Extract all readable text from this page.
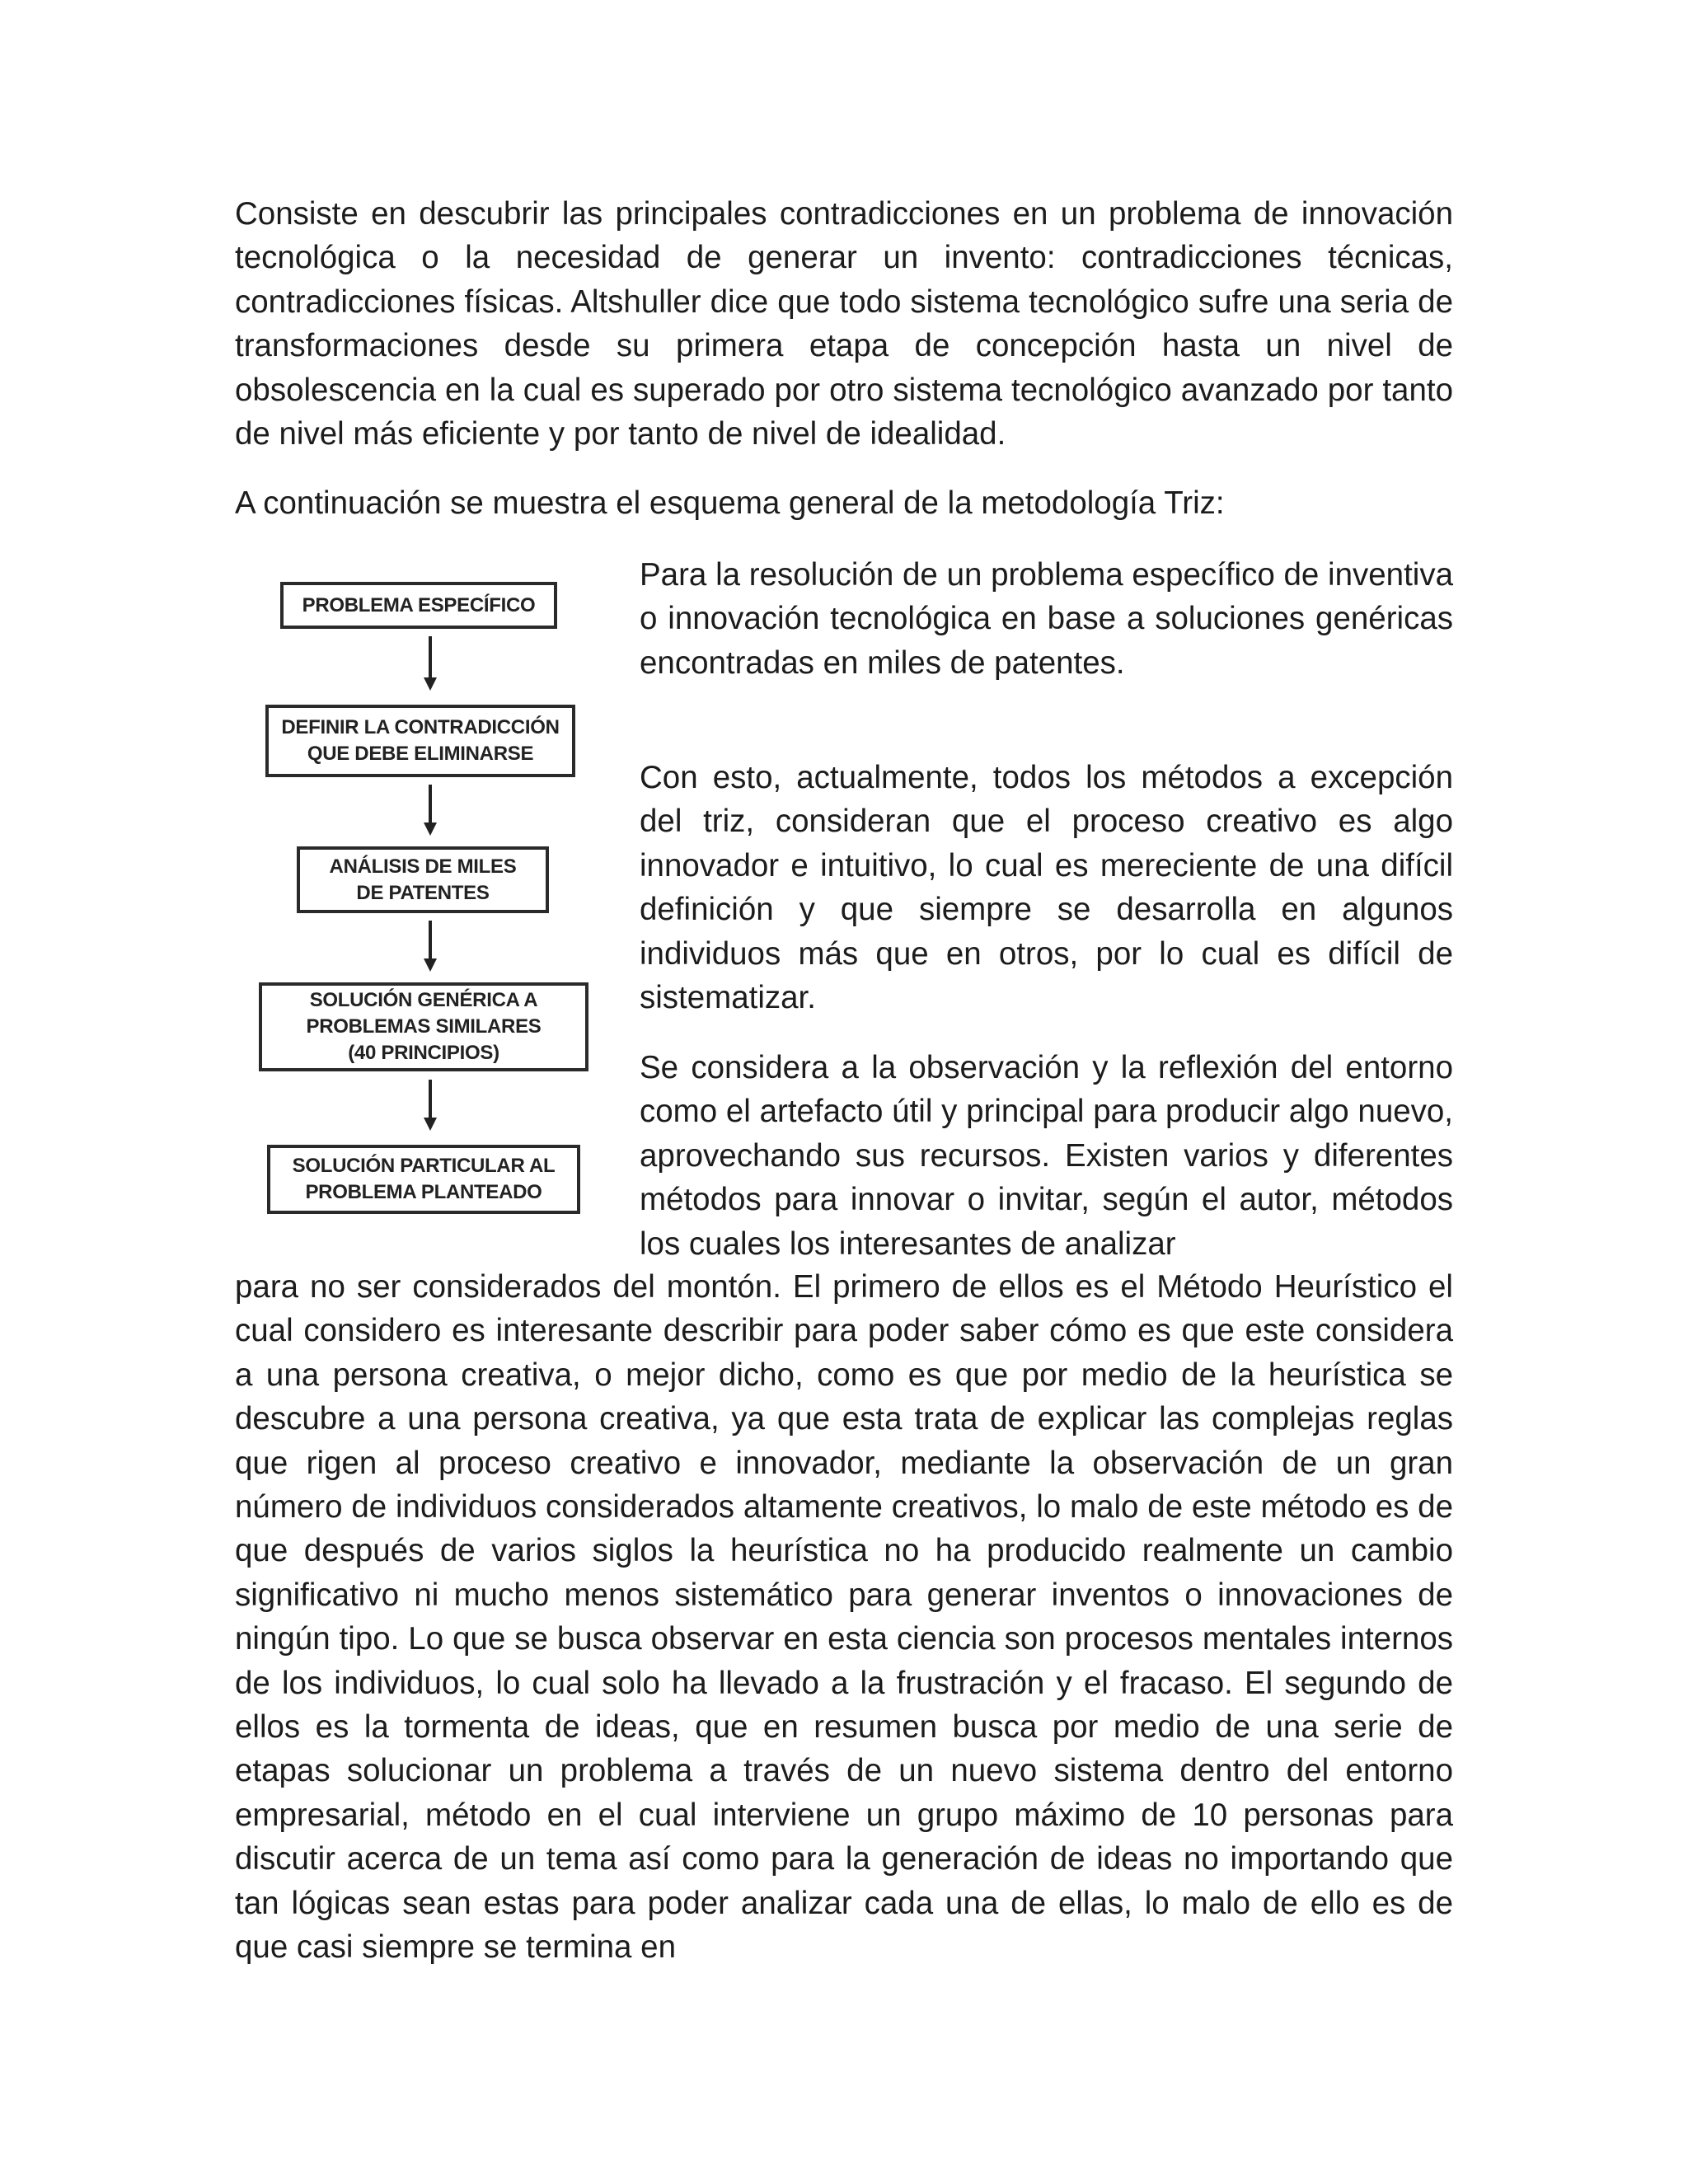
Consiste en descubrir las principales contradicciones en un problema de innovación tecnológica o la necesidad de generar un invento: contradicciones técnicas, contradicciones físicas. Altshuller dice que todo sistema tecnológico sufre una seria de transformaciones desde su primera etapa de concepción hasta un nivel de obsolescencia en la cual es superado por otro sistema tecnológico avanzado por tanto de nivel más eficiente y por tanto de nivel de idealidad.

A continuación se muestra el esquema general de la metodología Triz:

PROBLEMA ESPECÍFICO
DEFINIR LA CONTRADICCIÓN
QUE DEBE ELIMINARSE
ANÁLISIS DE MILES
DE PATENTES
SOLUCIÓN GENÉRICA A
PROBLEMAS SIMILARES
(40 PRINCIPIOS)
SOLUCIÓN PARTICULAR AL
PROBLEMA PLANTEADO

Para la resolución de un problema específico de inventiva o innovación tecnológica en base a soluciones genéricas encontradas en miles de patentes.

Con esto, actualmente, todos los métodos a excepción del triz, consideran que el proceso creativo es algo innovador e intuitivo, lo cual es mereciente de una difícil definición y que siempre se desarrolla en algunos individuos más que en otros, por lo cual es difícil de sistematizar.

Se considera a la observación y la reflexión del entorno como el artefacto útil y principal para producir algo nuevo, aprovechando sus recursos. Existen varios y diferentes métodos para innovar o invitar, según el autor, métodos los cuales los interesantes de analizar

para no ser considerados del montón. El primero de ellos es el Método Heurístico el cual considero es interesante describir para poder saber cómo es que este considera a una persona creativa, o mejor dicho, como es que por medio de la heurística se descubre a una persona creativa, ya que esta trata de explicar las complejas reglas que rigen al proceso creativo e innovador, mediante la observación de un gran número de individuos considerados altamente creativos, lo malo de este método es de que después de varios siglos la heurística no ha producido realmente un cambio significativo ni mucho menos sistemático para generar inventos o innovaciones de ningún tipo. Lo que se busca observar en esta ciencia son procesos mentales internos de los individuos, lo cual solo ha llevado a la frustración y el fracaso. El segundo de ellos es la tormenta de ideas, que en resumen busca por medio de una serie de etapas solucionar un problema a través de un nuevo sistema dentro del entorno empresarial, método en el cual interviene un grupo máximo de 10 personas para discutir acerca de un tema así como para la generación de ideas no importando que tan lógicas sean estas para poder analizar cada una de ellas, lo malo de ello es de que casi siempre se termina en
